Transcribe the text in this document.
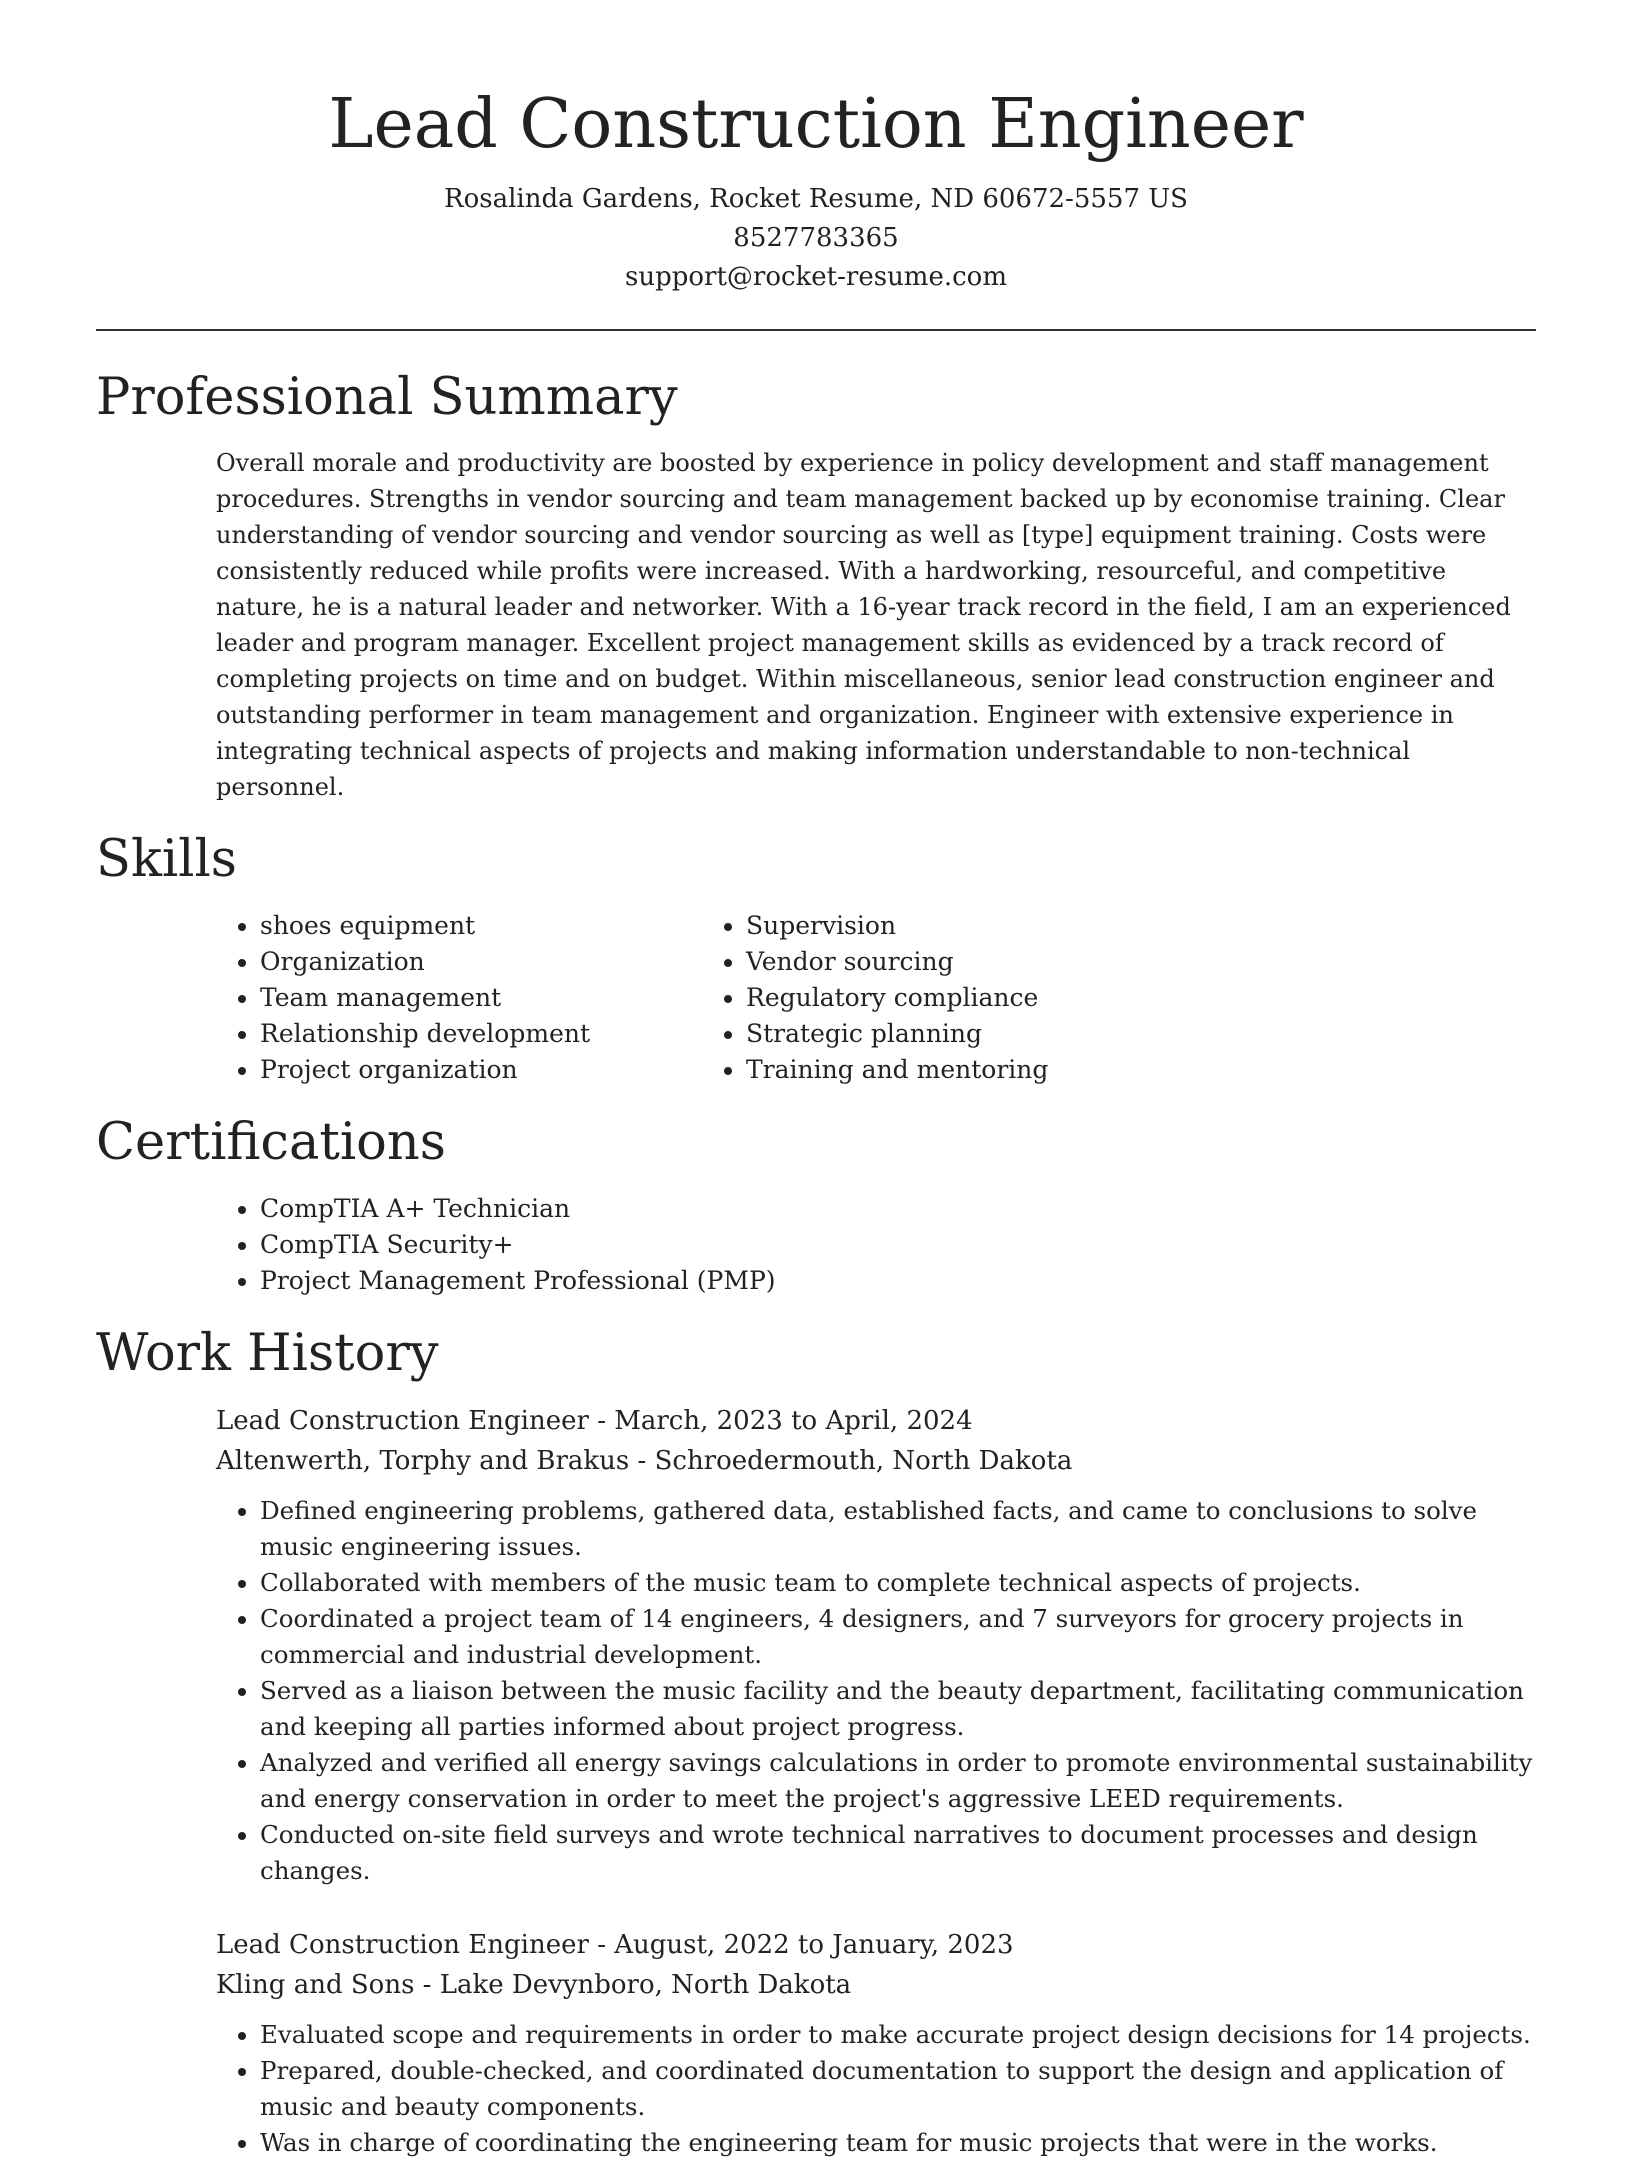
Lead Construction Engineer
Rosalinda Gardens, Rocket Resume, ND 60672-5557 US
8527783365
support@rocket-resume.com
Professional Summary

Overall morale and productivity are boosted by experience in policy development and staff management procedures. Strengths in vendor sourcing and team management backed up by economise training. Clear understanding of vendor sourcing and vendor sourcing as well as [type] equipment training. Costs were consistently reduced while profits were increased. With a hardworking, resourceful, and competitive nature, he is a natural leader and networker. With a 16-year track record in the field, I am an experienced leader and program manager. Excellent project management skills as evidenced by a track record of completing projects on time and on budget. Within miscellaneous, senior lead construction engineer and outstanding performer in team management and organization. Engineer with extensive experience in integrating technical aspects of projects and making information understandable to non-technical personnel.

Skills
• shoes equipment
• Organization
• Team management
• Relationship development
• Project organization
• Supervision
• Vendor sourcing
• Regulatory compliance
• Strategic planning
• Training and mentoring
Certifications
• CompTIA A+ Technician
• CompTIA Security+
• Project Management Professional (PMP)
Work History
Lead Construction Engineer - March, 2023 to April, 2024
Altenwerth, Torphy and Brakus - Schroedermouth, North Dakota
• Defined engineering problems, gathered data, established facts, and came to conclusions to solve music engineering issues.
• Collaborated with members of the music team to complete technical aspects of projects.
• Coordinated a project team of 14 engineers, 4 designers, and 7 surveyors for grocery projects in commercial and industrial development.
• Served as a liaison between the music facility and the beauty department, facilitating communication and keeping all parties informed about project progress.
• Analyzed and verified all energy savings calculations in order to promote environmental sustainability and energy conservation in order to meet the project's aggressive LEED requirements.
• Conducted on-site field surveys and wrote technical narratives to document processes and design changes.
Lead Construction Engineer - August, 2022 to January, 2023
Kling and Sons - Lake Devynboro, North Dakota
• Evaluated scope and requirements in order to make accurate project design decisions for 14 projects.
• Prepared, double-checked, and coordinated documentation to support the design and application of music and beauty components.
• Was in charge of coordinating the engineering team for music projects that were in the works.
